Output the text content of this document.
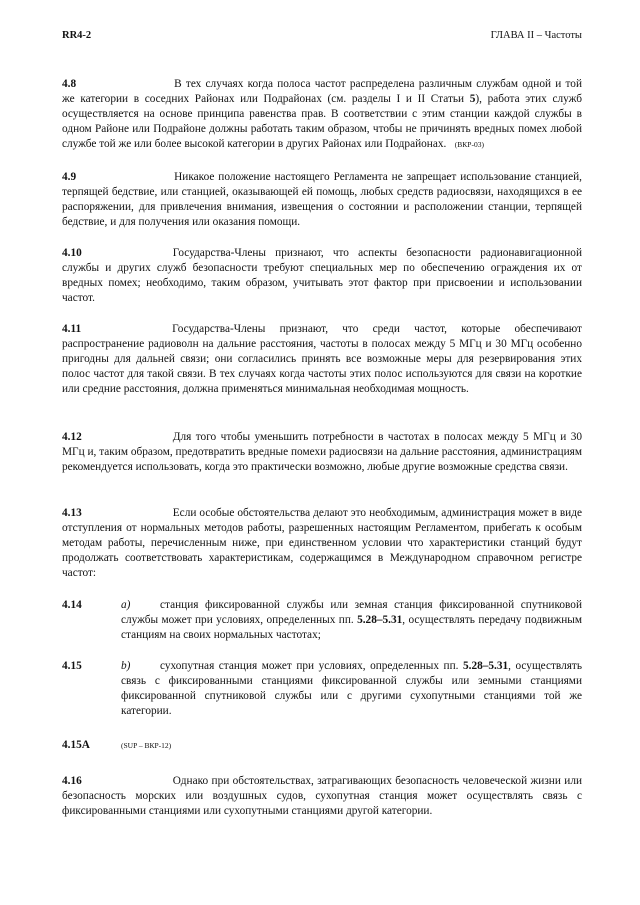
RR4-2	ГЛАВА II – Частоты
4.8	В тех случаях когда полоса частот распределена различным службам одной и той же категории в соседних Районах или Подрайонах (см. разделы I и II Статьи 5), работа этих служб осуществляется на основе принципа равенства прав. В соответствии с этим станции каждой службы в одном Районе или Подрайоне должны работать таким образом, чтобы не причинять вредных помех любой службе той же или более высокой категории в других Районах или Подрайонах. (ВКР-03)
4.9	Никакое положение настоящего Регламента не запрещает использование станцией, терпящей бедствие, или станцией, оказывающей ей помощь, любых средств радиосвязи, находящихся в ее распоряжении, для привлечения внимания, извещения о состоянии и расположении станции, терпящей бедствие, и для получения или оказания помощи.
4.10	Государства-Члены признают, что аспекты безопасности радионавигационной службы и других служб безопасности требуют специальных мер по обеспечению ограждения их от вредных помех; необходимо, таким образом, учитывать этот фактор при присвоении и использовании частот.
4.11	Государства-Члены признают, что среди частот, которые обеспечивают распространение радиоволн на дальние расстояния, частоты в полосах между 5 МГц и 30 МГц особенно пригодны для дальней связи; они согласились принять все возможные меры для резервирования этих полос частот для такой связи. В тех случаях когда частоты этих полос используются для связи на короткие или средние расстояния, должна применяться минимальная необходимая мощность.
4.12	Для того чтобы уменьшить потребности в частотах в полосах между 5 МГц и 30 МГц и, таким образом, предотвратить вредные помехи радиосвязи на дальние расстояния, администрациям рекомендуется использовать, когда это практически возможно, любые другие возможные средства связи.
4.13	Если особые обстоятельства делают это необходимым, администрация может в виде отступления от нормальных методов работы, разрешенных настоящим Регламентом, прибегать к особым методам работы, перечисленным ниже, при единственном условии что характеристики станций будут продолжать соответствовать характеристикам, содержащимся в Международном справочном регистре частот:
4.14	a)	станция фиксированной службы или земная станция фиксированной спутниковой службы может при условиях, определенных пп. 5.28–5.31, осуществлять передачу подвижным станциям на своих нормальных частотах;
4.15	b)	сухопутная станция может при условиях, определенных пп. 5.28–5.31, осуществлять связь с фиксированными станциями фиксированной службы или земными станциями фиксированной спутниковой службы или с другими сухопутными станциями той же категории.
4.15A	(SUP – ВКР-12)
4.16	Однако при обстоятельствах, затрагивающих безопасность человеческой жизни или безопасность морских или воздушных судов, сухопутная станция может осуществлять связь с фиксированными станциями или сухопутными станциями другой категории.
